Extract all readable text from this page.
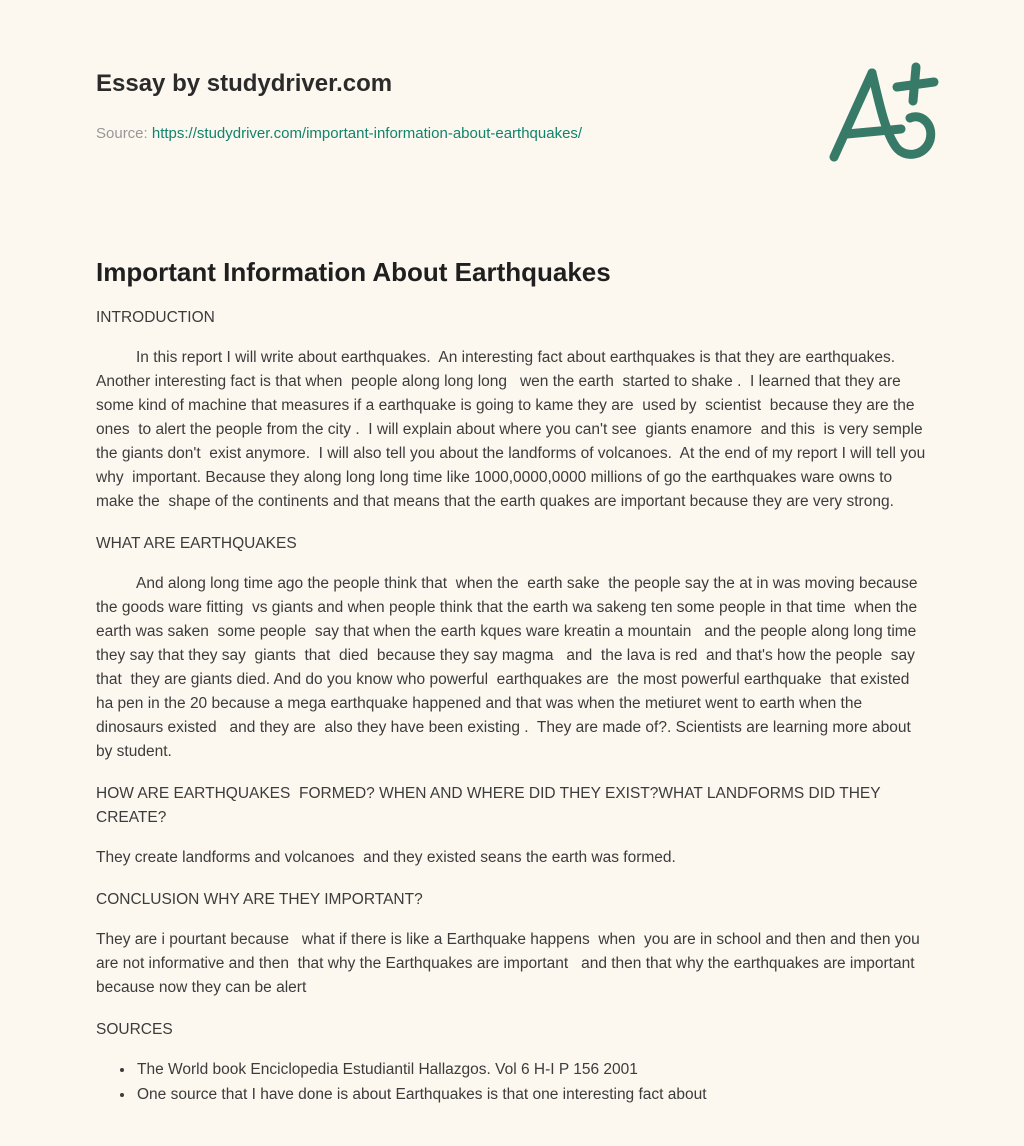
Essay by studydriver.com
Source: https://studydriver.com/important-information-about-earthquakes/
Important Information About Earthquakes
INTRODUCTION

In this report I will write about earthquakes.  An interesting fact about earthquakes is that they are earthquakes. Another interesting fact is that when  people along long long   wen the earth  started to shake .  I learned that they are some kind of machine that measures if a earthquake is going to kame they are  used by  scientist  because they are the ones  to alert the people from the city .  I will explain about where you can't see  giants enamore  and this  is very semple the giants don't  exist anymore.  I will also tell you about the landforms of volcanoes.  At the end of my report I will tell you why  important. Because they along long long time like 1000,0000,0000 millions of go the earthquakes ware owns to make the  shape of the continents and that means that the earth quakes are important because they are very strong.

WHAT ARE EARTHQUAKES

And along long time ago the people think that  when the  earth sake  the people say the at in was moving because  the goods ware fitting  vs giants and when people think that the earth wa sakeng ten some people in that time  when the earth was saken  some people  say that when the earth kques ware kreatin a mountain   and the people along long time they say that they say  giants  that  died  because they say magma   and  the lava is red  and that's how the people  say  that  they are giants died. And do you know who powerful  earthquakes are  the most powerful earthquake  that existed ha pen in the 20 because a mega earthquake happened and that was when the metiuret went to earth when the dinosaurs existed   and they are  also they have been existing .  They are made of?. Scientists are learning more about by student.

HOW ARE EARTHQUAKES  FORMED? WHEN AND WHERE DID THEY EXIST?WHAT LANDFORMS DID THEY CREATE?

They create landforms and volcanoes  and they existed seans the earth was formed.

CONCLUSION WHY ARE THEY IMPORTANT?

They are i pourtant because   what if there is like a Earthquake happens  when  you are in school and then and then you are not informative and then  that why the Earthquakes are important   and then that why the earthquakes are important  because now they can be alert

SOURCES
• The World book Enciclopedia Estudiantil Hallazgos. Vol 6 H-I P 156 2001
• One source that I have done is about Earthquakes is that one interesting fact about
